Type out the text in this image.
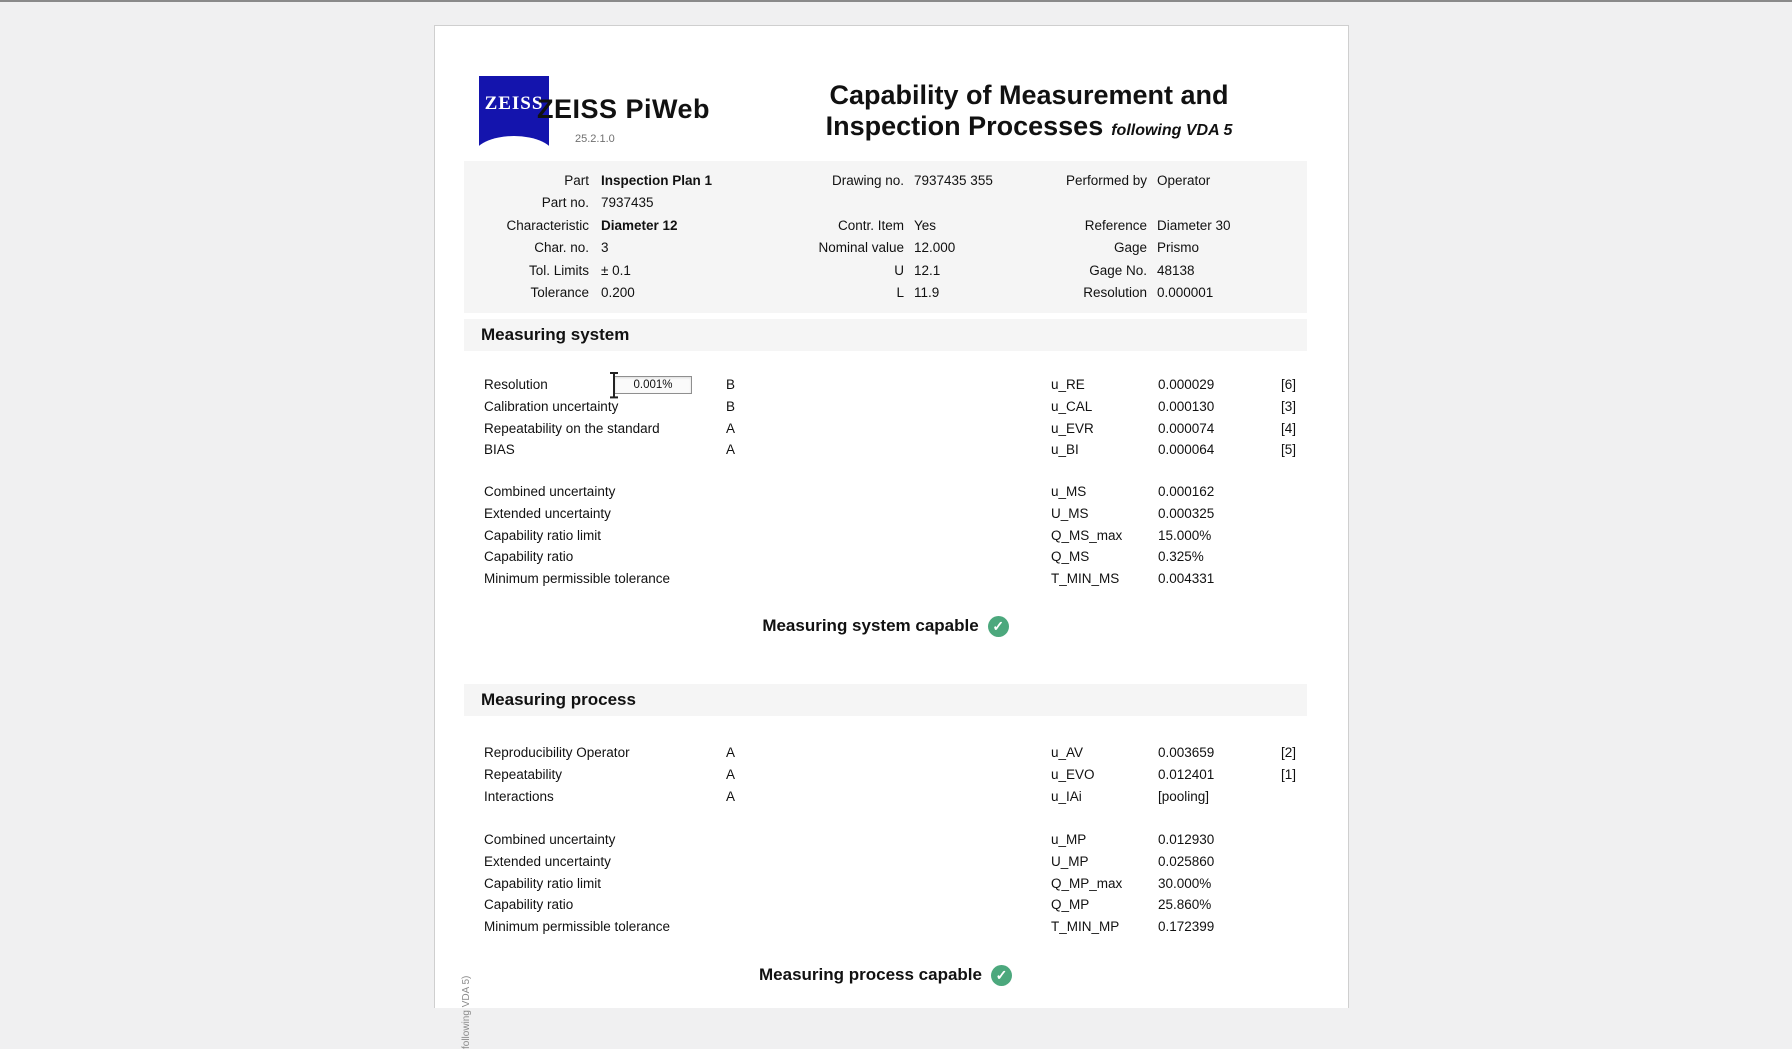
ZEISS
ZEISS PiWeb
25.2.1.0
Capability of Measurement and
Inspection Processes following VDA 5
Part Inspection Plan 1	Drawing no. 7937435 355	Performed by Operator
Part no. 7937435
Characteristic Diameter 12	Contr. Item Yes	Reference Diameter 30
Char. no. 3	Nominal value 12.000	Gage Prismo
Tol. Limits ± 0.1	U 12.1	Gage No. 48138
Tolerance 0.200	L 11.9	Resolution 0.000001
Measuring system
Resolution	B	u_RE	0.000029	[6]
0.001%
Calibration uncertainty	B	u_CAL	0.000130	[3]
Repeatability on the standard	A	u_EVR	0.000074	[4]
BIAS	A	u_BI	0.000064	[5]
Combined uncertainty	u_MS	0.000162
Extended uncertainty	U_MS	0.000325
Capability ratio limit	Q_MS_max	15.000%
Capability ratio	Q_MS	0.325%
Minimum permissible tolerance	T_MIN_MS	0.004331
Measuring system capable ✓
Measuring process
Reproducibility Operator	A	u_AV	0.003659	[2]
Repeatability	A	u_EVO	0.012401	[1]
Interactions	A	u_IAi	[pooling]
Combined uncertainty	u_MP	0.012930
Extended uncertainty	U_MP	0.025860
Capability ratio limit	Q_MP_max	30.000%
Capability ratio	Q_MP	25.860%
Minimum permissible tolerance	T_MIN_MP	0.172399
Measuring process capable ✓
following VDA 5)
